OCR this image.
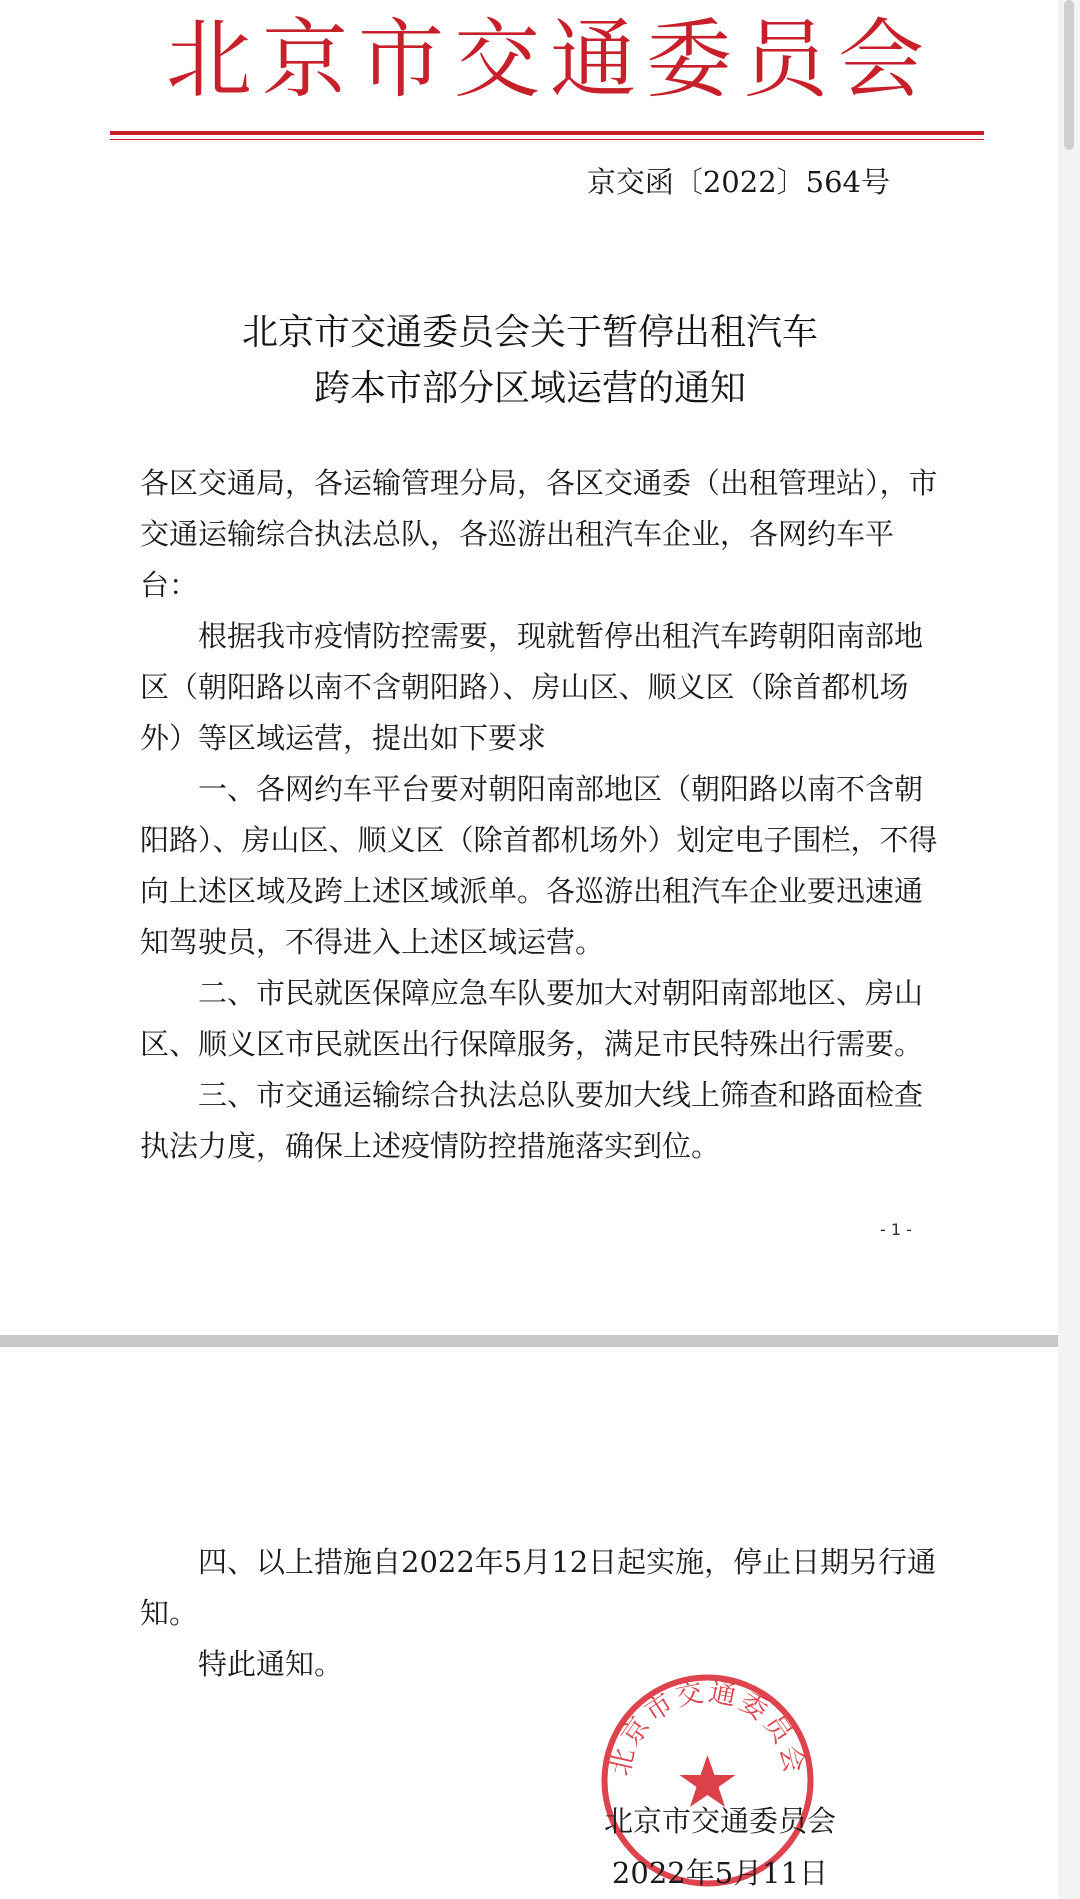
北京市交通委员会
京交函〔2022〕564号
北京市交通委员会关于暂停出租汽车
跨本市部分区域运营的通知

各区交通局，各运输管理分局，各区交通委（出租管理站），市交通运输综合执法总队，各巡游出租汽车企业，各网约车平台：

根据我市疫情防控需要，现就暂停出租汽车跨朝阳南部地区（朝阳路以南不含朝阳路）、房山区、顺义区（除首都机场外）等区域运营，提出如下要求

一、各网约车平台要对朝阳南部地区（朝阳路以南不含朝阳路）、房山区、顺义区（除首都机场外）划定电子围栏，不得向上述区域及跨上述区域派单。各巡游出租汽车企业要迅速通知驾驶员，不得进入上述区域运营。

二、市民就医保障应急车队要加大对朝阳南部地区、房山区、顺义区市民就医出行保障服务，满足市民特殊出行需要。

三、市交通运输综合执法总队要加大线上筛查和路面检查执法力度，确保上述疫情防控措施落实到位。

- 1 -

四、以上措施自2022年5月12日起实施，停止日期另行通知。

特此通知。

北京市交通委员会
北京市交通委员会
2022年5月11日
